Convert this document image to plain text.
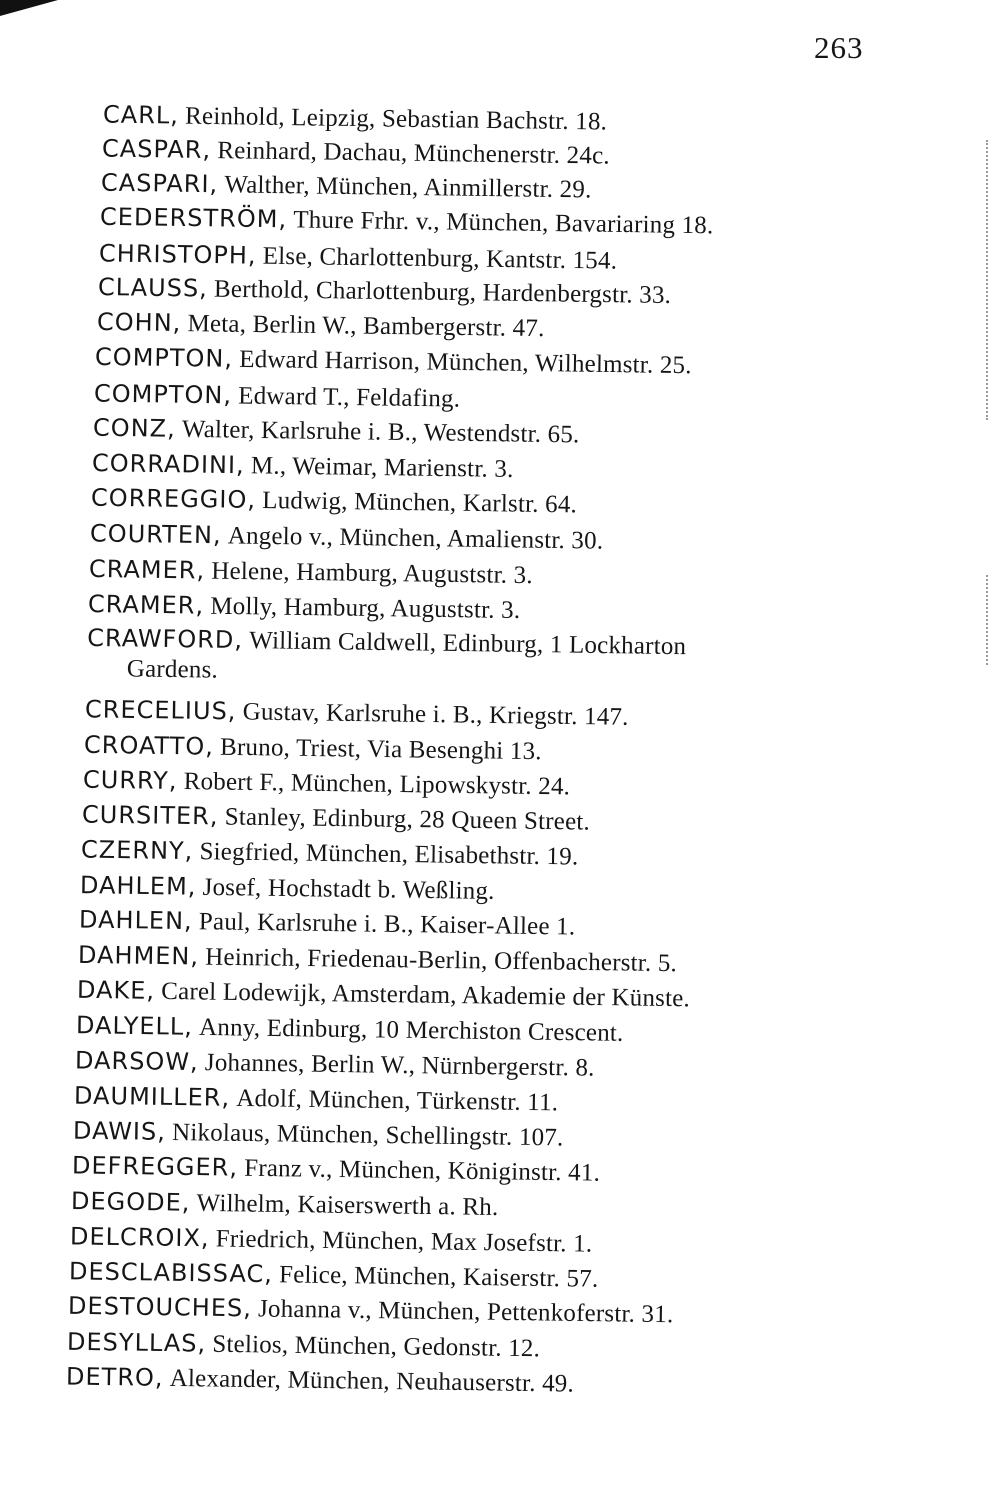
263
CARL, Reinhold, Leipzig, Sebastian Bachstr. 18.
CASPAR, Reinhard, Dachau, Münchenerstr. 24c.
CASPARI, Walther, München, Ainmillerstr. 29.
CEDERSTRÖM, Thure Frhr. v., München, Bavariaring 18.
CHRISTOPH, Else, Charlottenburg, Kantstr. 154.
CLAUSS, Berthold, Charlottenburg, Hardenbergstr. 33.
COHN, Meta, Berlin W., Bambergerstr. 47.
COMPTON, Edward Harrison, München, Wilhelmstr. 25.
COMPTON, Edward T., Feldafing.
CONZ, Walter, Karlsruhe i. B., Westendstr. 65.
CORRADINI, M., Weimar, Marienstr. 3.
CORREGGIO, Ludwig, München, Karlstr. 64.
COURTEN, Angelo v., München, Amalienstr. 30.
CRAMER, Helene, Hamburg, Auguststr. 3.
CRAMER, Molly, Hamburg, Auguststr. 3.
CRAWFORD, William Caldwell, Edinburg, 1 Lockharton
Gardens.
CRECELIUS, Gustav, Karlsruhe i. B., Kriegstr. 147.
CROATTO, Bruno, Triest, Via Besenghi 13.
CURRY, Robert F., München, Lipowskystr. 24.
CURSITER, Stanley, Edinburg, 28 Queen Street.
CZERNY, Siegfried, München, Elisabethstr. 19.
DAHLEM, Josef, Hochstadt b. Weßling.
DAHLEN, Paul, Karlsruhe i. B., Kaiser-Allee 1.
DAHMEN, Heinrich, Friedenau-Berlin, Offenbacherstr. 5.
DAKE, Carel Lodewijk, Amsterdam, Akademie der Künste.
DALYELL, Anny, Edinburg, 10 Merchiston Crescent.
DARSOW, Johannes, Berlin W., Nürnbergerstr. 8.
DAUMILLER, Adolf, München, Türkenstr. 11.
DAWIS, Nikolaus, München, Schellingstr. 107.
DEFREGGER, Franz v., München, Königinstr. 41.
DEGODE, Wilhelm, Kaiserswerth a. Rh.
DELCROIX, Friedrich, München, Max Josefstr. 1.
DESCLABISSAC, Felice, München, Kaiserstr. 57.
DESTOUCHES, Johanna v., München, Pettenkoferstr. 31.
DESYLLAS, Stelios, München, Gedonstr. 12.
DETRO, Alexander, München, Neuhauserstr. 49.
